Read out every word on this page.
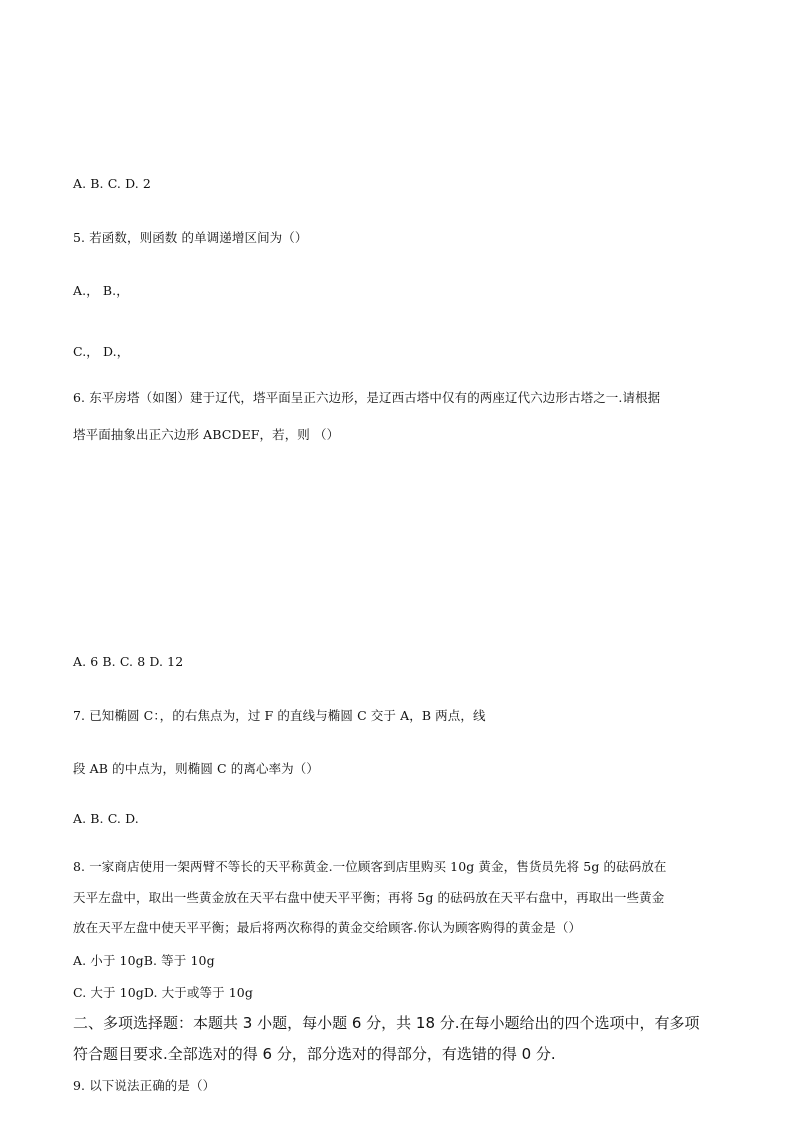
A. B. C. D. 2
5. 若函数，则函数 的单调递增区间为（）
A.， B.，
C.， D.，
6. 东平房塔（如图）建于辽代，塔平面呈正六边形，是辽西古塔中仅有的两座辽代六边形古塔之一.请根据
塔平面抽象出正六边形 ABCDEF，若，则 （）
A. 6 B. C. 8 D. 12
7. 已知椭圆 C：，的右焦点为，过 F 的直线与椭圆 C 交于 A，B 两点，线
段 AB 的中点为，则椭圆 C 的离心率为（）
A. B. C. D.
8. 一家商店使用一架两臂不等长的天平称黄金.一位顾客到店里购买 10g 黄金，售货员先将 5g 的砝码放在
天平左盘中，取出一些黄金放在天平右盘中使天平平衡；再将 5g 的砝码放在天平右盘中，再取出一些黄金
放在天平左盘中使天平平衡；最后将两次称得的黄金交给顾客.你认为顾客购得的黄金是（）
A. 小于 10gB. 等于 10g
C. 大于 10gD. 大于或等于 10g
二、多项选择题：本题共 3 小题，每小题 6 分，共 18 分.在每小题给出的四个选项中，有多项
符合题目要求.全部选对的得 6 分，部分选对的得部分，有选错的得 0 分.
9. 以下说法正确的是（）
